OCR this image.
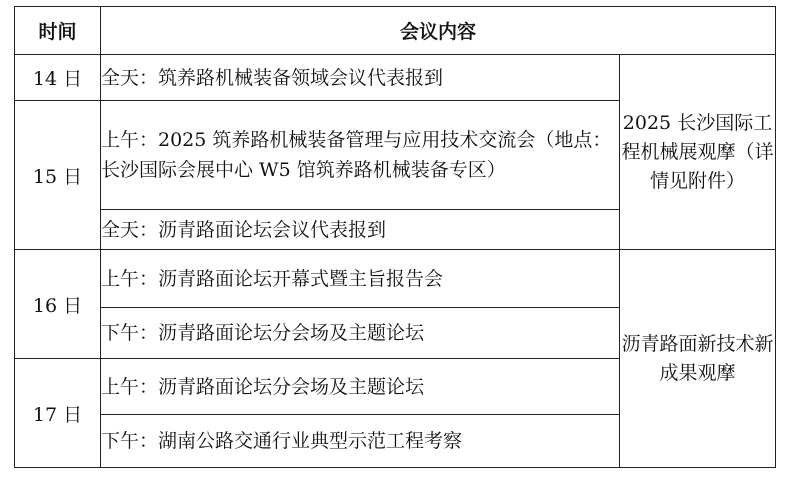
时间	会议内容	
14 日	全天：筑养路机械装备领域会议代表报到	2025 长沙国际工程机械展观摩（详情见附件）
15 日	上午：2025 筑养路机械装备管理与应用技术交流会（地点：长沙国际会展中心 W5 馆筑养路机械装备专区）	
	全天：沥青路面论坛会议代表报到	
16 日	上午：沥青路面论坛开幕式暨主旨报告会	沥青路面新技术新成果观摩
	下午：沥青路面论坛分会场及主题论坛	
17 日	上午：沥青路面论坛分会场及主题论坛	
	下午：湖南公路交通行业典型示范工程考察	
